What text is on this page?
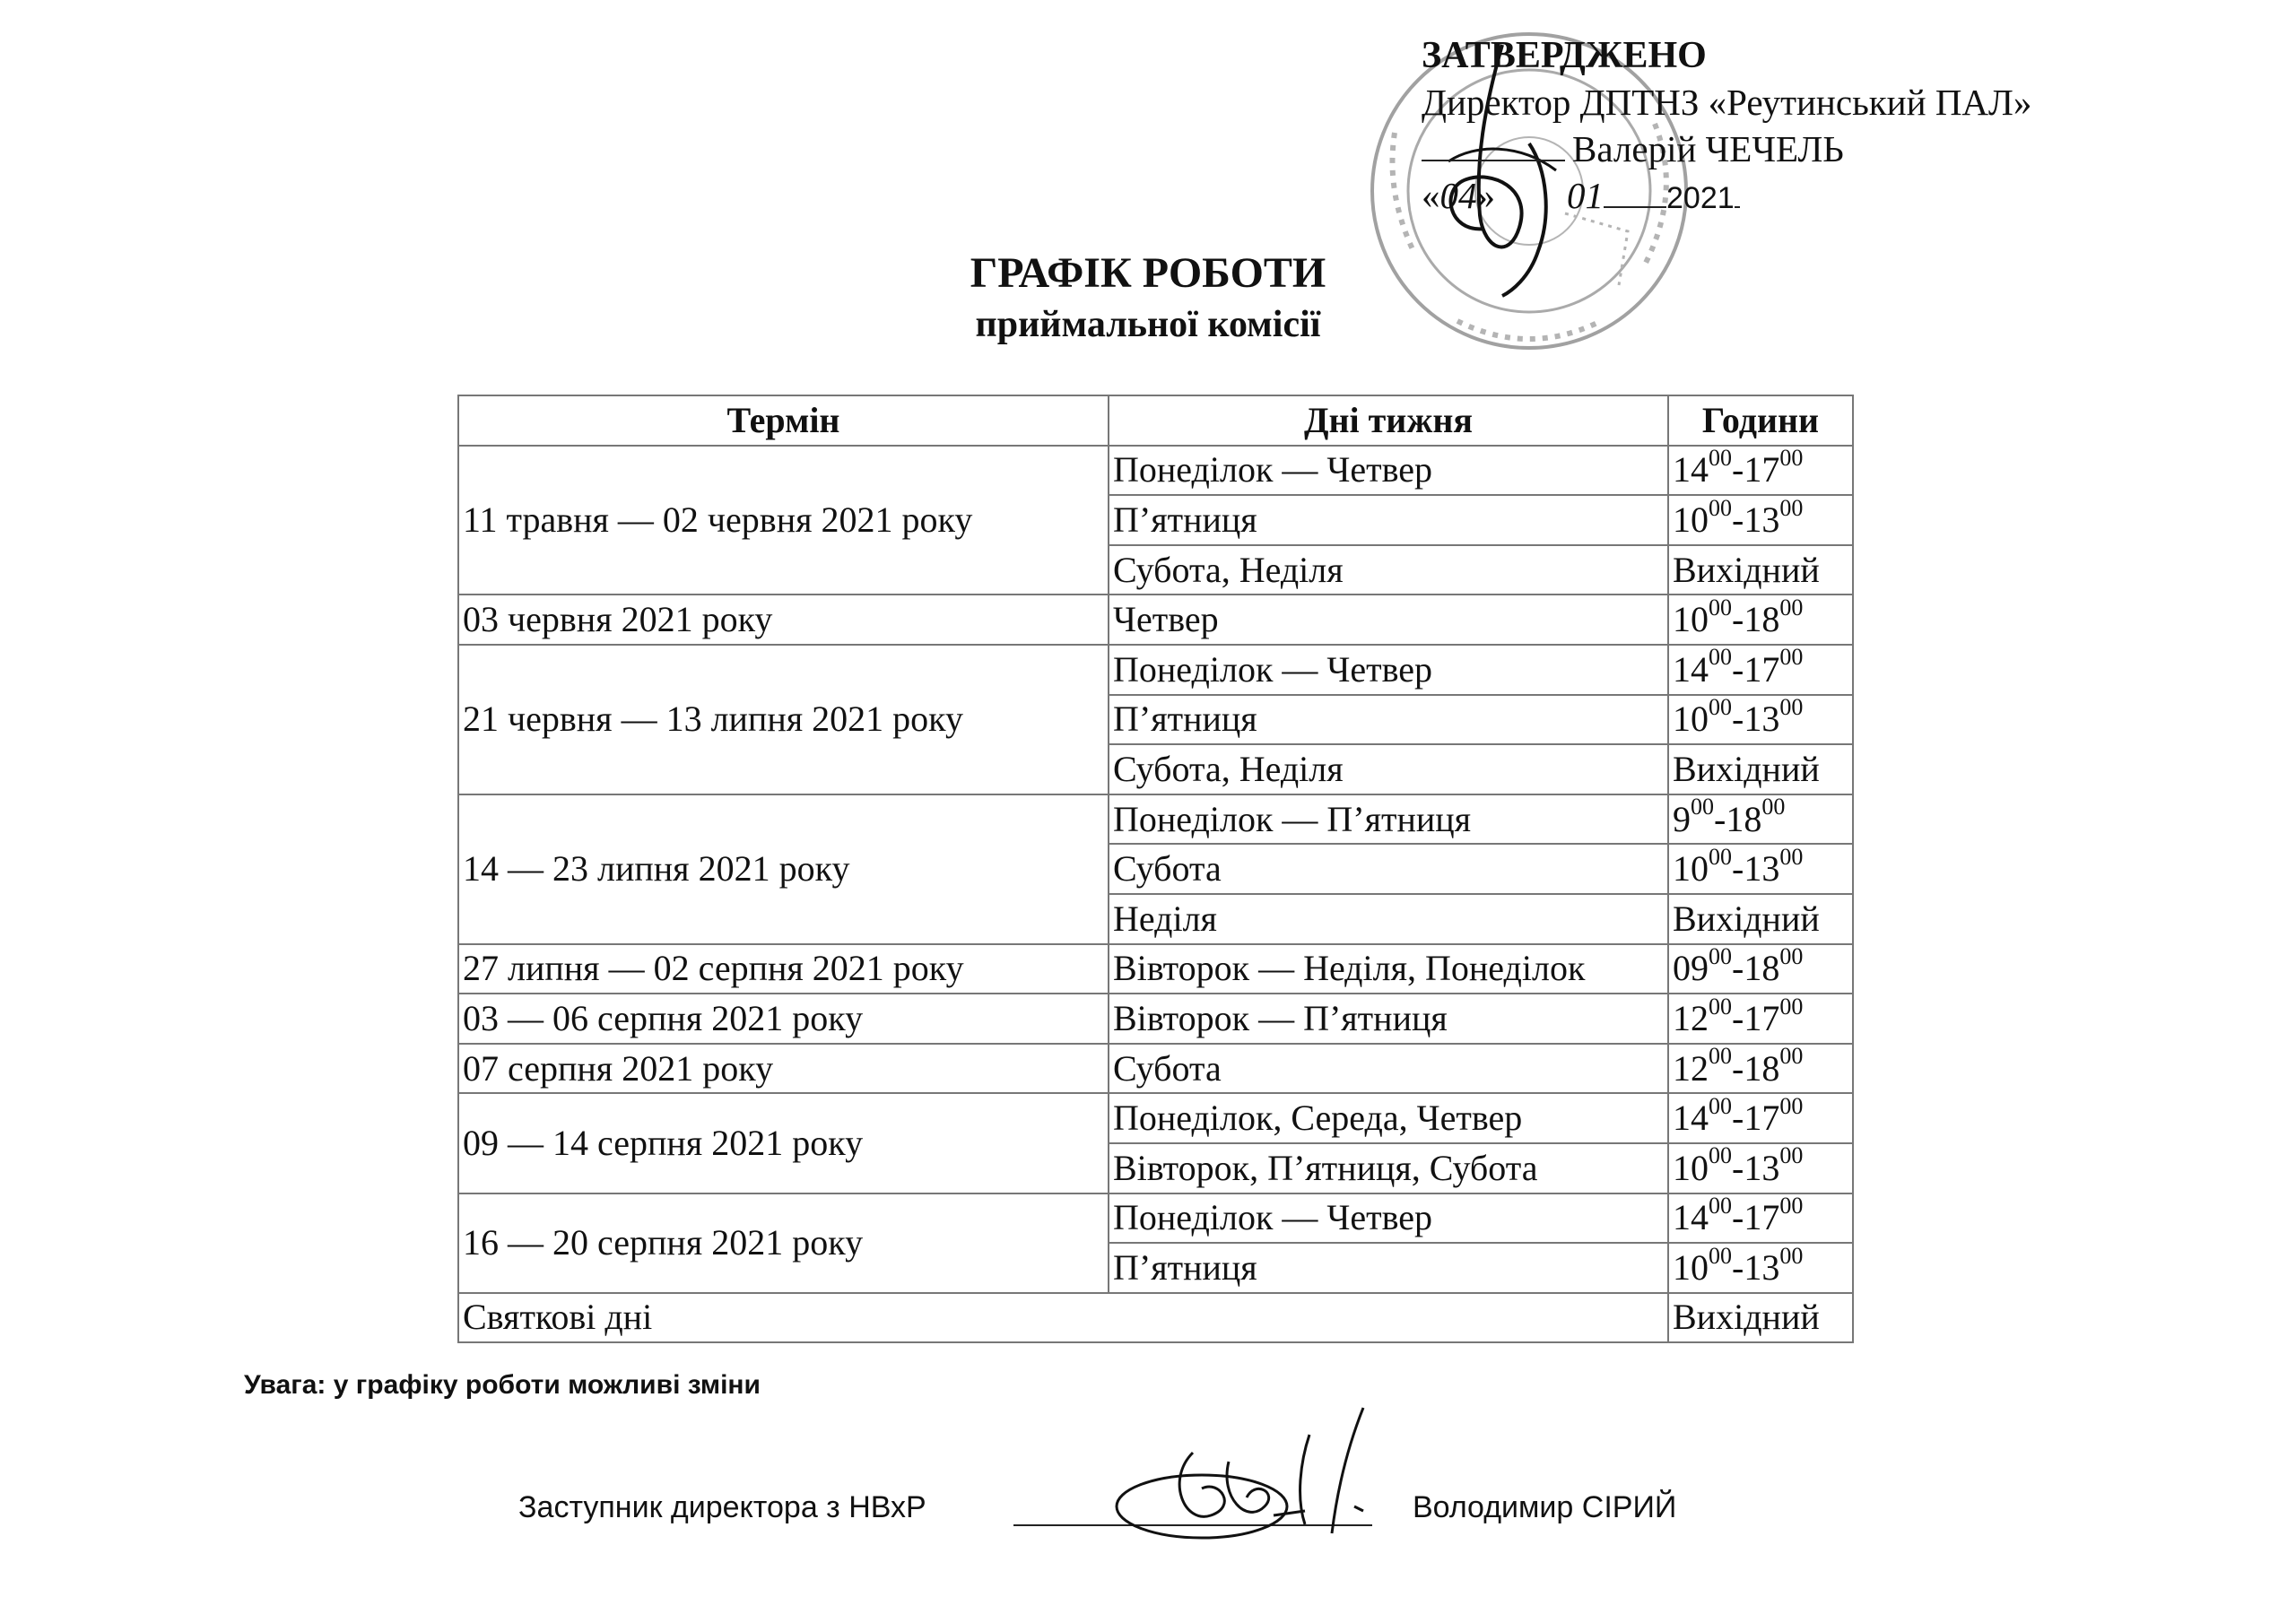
ЗАТВЕРДЖЕНО
Директор ДПТНЗ «Реутинський ПАЛ»
Валерій ЧЕЧЕЛЬ
« 04 » 01 2021
ГРАФІК РОБОТИ
приймальної комісії
Термін	Дні тижня	Години
11 травня — 02 червня 2021 року	Понеділок — Четвер	$14^{00}-17^{00}$
	П’ятниця	$10^{00}-13^{00}$
	Субота, Неділя	Вихідний
03 червня 2021 року	Четвер	$10^{00}-18^{00}$
21 червня — 13 липня 2021 року	Понеділок — Четвер	$14^{00}-17^{00}$
	П’ятниця	$10^{00}-13^{00}$
	Субота, Неділя	Вихідний
14 — 23 липня 2021 року	Понеділок — П’ятниця	$9^{00}-18^{00}$
	Субота	$10^{00}-13^{00}$
	Неділя	Вихідний
27 липня — 02 серпня 2021 року	Вівторок — Неділя, Понеділок	$09^{00}-18^{00}$
03 — 06 серпня 2021 року	Вівторок — П’ятниця	$12^{00}-17^{00}$
07 серпня 2021 року	Субота	$12^{00}-18^{00}$
09 — 14 серпня 2021 року	Понеділок, Середа, Четвер	$14^{00}-17^{00}$
	Вівторок, П’ятниця, Субота	$10^{00}-13^{00}$
16 — 20 серпня 2021 року	Понеділок — Четвер	$14^{00}-17^{00}$
	П’ятниця	$10^{00}-13^{00}$
Святкові дні		Вихідний
Увага: у графіку роботи можливі зміни
Заступник директора з НВхР	Володимир СІРИЙ
